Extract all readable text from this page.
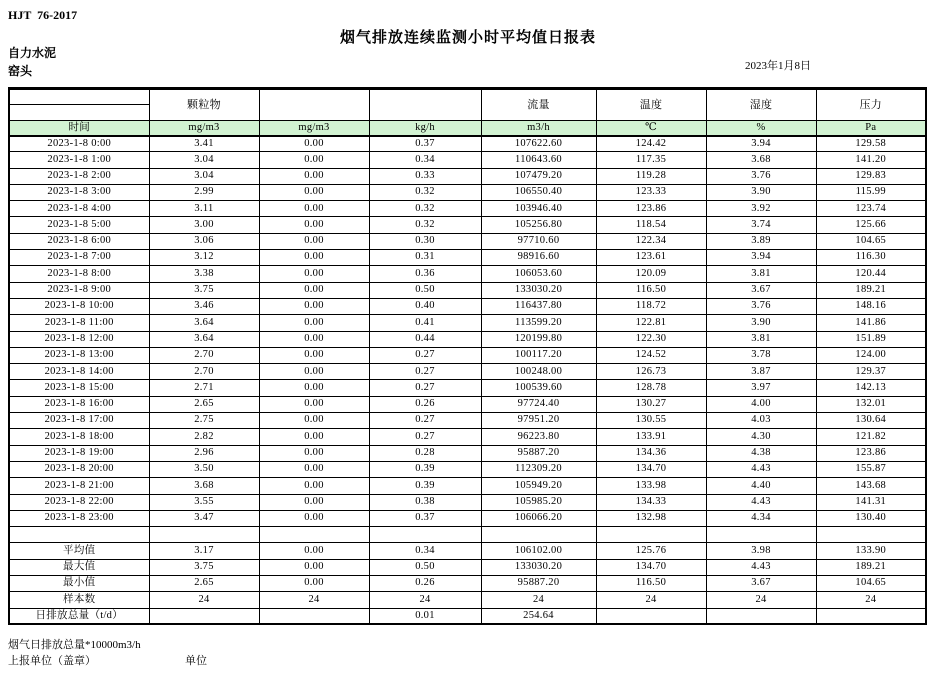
HJT  76-2017
烟气排放连续监测小时平均值日报表
自力水泥
窑头	2023年1月8日
	颗粒物			流量	温度	湿度	压力

时间	mg/m3	mg/m3	kg/h	m3/h	℃	%	Pa
2023-1-8 0:00	3.41	0.00	0.37	107622.60	124.42	3.94	129.58
2023-1-8 1:00	3.04	0.00	0.34	110643.60	117.35	3.68	141.20
2023-1-8 2:00	3.04	0.00	0.33	107479.20	119.28	3.76	129.83
2023-1-8 3:00	2.99	0.00	0.32	106550.40	123.33	3.90	115.99
2023-1-8 4:00	3.11	0.00	0.32	103946.40	123.86	3.92	123.74
2023-1-8 5:00	3.00	0.00	0.32	105256.80	118.54	3.74	125.66
2023-1-8 6:00	3.06	0.00	0.30	97710.60	122.34	3.89	104.65
2023-1-8 7:00	3.12	0.00	0.31	98916.60	123.61	3.94	116.30
2023-1-8 8:00	3.38	0.00	0.36	106053.60	120.09	3.81	120.44
2023-1-8 9:00	3.75	0.00	0.50	133030.20	116.50	3.67	189.21
2023-1-8 10:00	3.46	0.00	0.40	116437.80	118.72	3.76	148.16
2023-1-8 11:00	3.64	0.00	0.41	113599.20	122.81	3.90	141.86
2023-1-8 12:00	3.64	0.00	0.44	120199.80	122.30	3.81	151.89
2023-1-8 13:00	2.70	0.00	0.27	100117.20	124.52	3.78	124.00
2023-1-8 14:00	2.70	0.00	0.27	100248.00	126.73	3.87	129.37
2023-1-8 15:00	2.71	0.00	0.27	100539.60	128.78	3.97	142.13
2023-1-8 16:00	2.65	0.00	0.26	97724.40	130.27	4.00	132.01
2023-1-8 17:00	2.75	0.00	0.27	97951.20	130.55	4.03	130.64
2023-1-8 18:00	2.82	0.00	0.27	96223.80	133.91	4.30	121.82
2023-1-8 19:00	2.96	0.00	0.28	95887.20	134.36	4.38	123.86
2023-1-8 20:00	3.50	0.00	0.39	112309.20	134.70	4.43	155.87
2023-1-8 21:00	3.68	0.00	0.39	105949.20	133.98	4.40	143.68
2023-1-8 22:00	3.55	0.00	0.38	105985.20	134.33	4.43	141.31
2023-1-8 23:00	3.47	0.00	0.37	106066.20	132.98	4.34	130.40

平均值	3.17	0.00	0.34	106102.00	125.76	3.98	133.90
最大值	3.75	0.00	0.50	133030.20	134.70	4.43	189.21
最小值	2.65	0.00	0.26	95887.20	116.50	3.67	104.65
样本数	24	24	24	24	24	24	24
日排放总量（t/d）			0.01	254.64			
烟气日排放总量*10000m3/h
上报单位（盖章）	单位
